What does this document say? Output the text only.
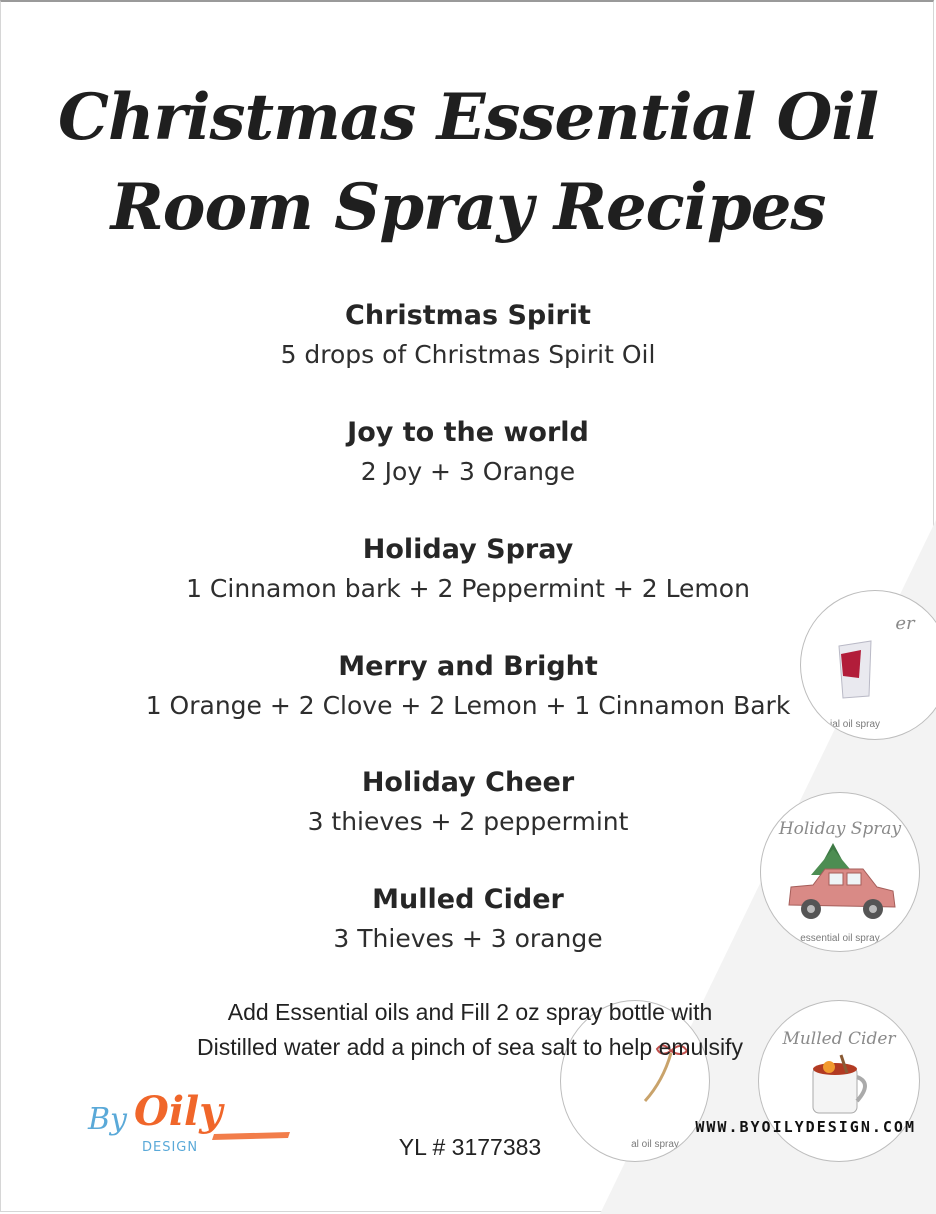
Christmas Essential Oil
Room Spray Recipes
Christmas Spirit
5 drops of Christmas Spirit Oil
Joy to the world
2 Joy + 3 Orange
Holiday Spray
1 Cinnamon bark + 2 Peppermint + 2 Lemon
Merry and Bright
1 Orange + 2 Clove + 2 Lemon + 1 Cinnamon Bark
Holiday Cheer
3 thieves + 2 peppermint
Mulled Cider
3 Thieves + 3 orange
er
ial oil spray
Holiday Spray
essential oil spray
Mulled Cider
al oil spray
Add Essential oils and Fill 2 oz spray bottle with Distilled water add a pinch of sea salt to help emulsify
YL # 3177383
WWW.BYOILYDESIGN.COM
By Oily
DESIGN
